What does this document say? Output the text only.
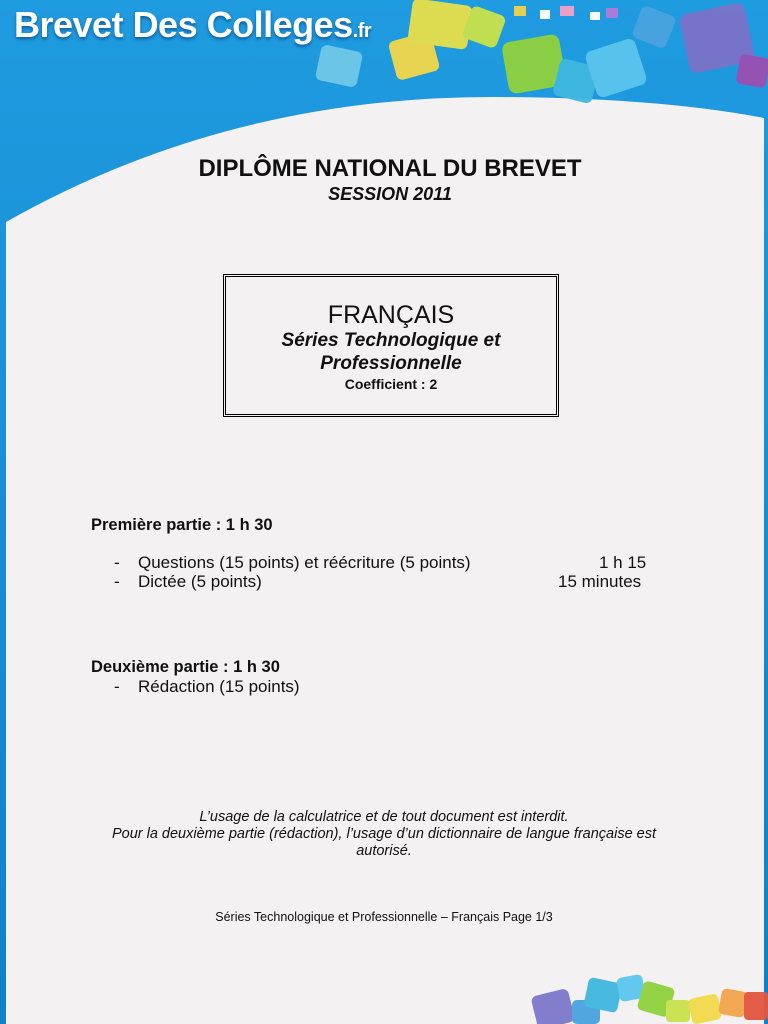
Brevet Des Colleges.fr
DIPLÔME NATIONAL DU BREVET
SESSION 2011
FRANÇAIS
Séries Technologique et
Professionnelle
Coefficient : 2
Première partie : 1 h 30
- Questions (15 points) et réécriture (5 points)	1 h 15
- Dictée (5 points)	15 minutes
Deuxième partie : 1 h 30
- Rédaction (15 points)
L’usage de la calculatrice et de tout document est interdit.
Pour la deuxième partie (rédaction), l’usage d’un dictionnaire de langue française est
autorisé.
Séries Technologique et Professionnelle – Français Page 1/3
